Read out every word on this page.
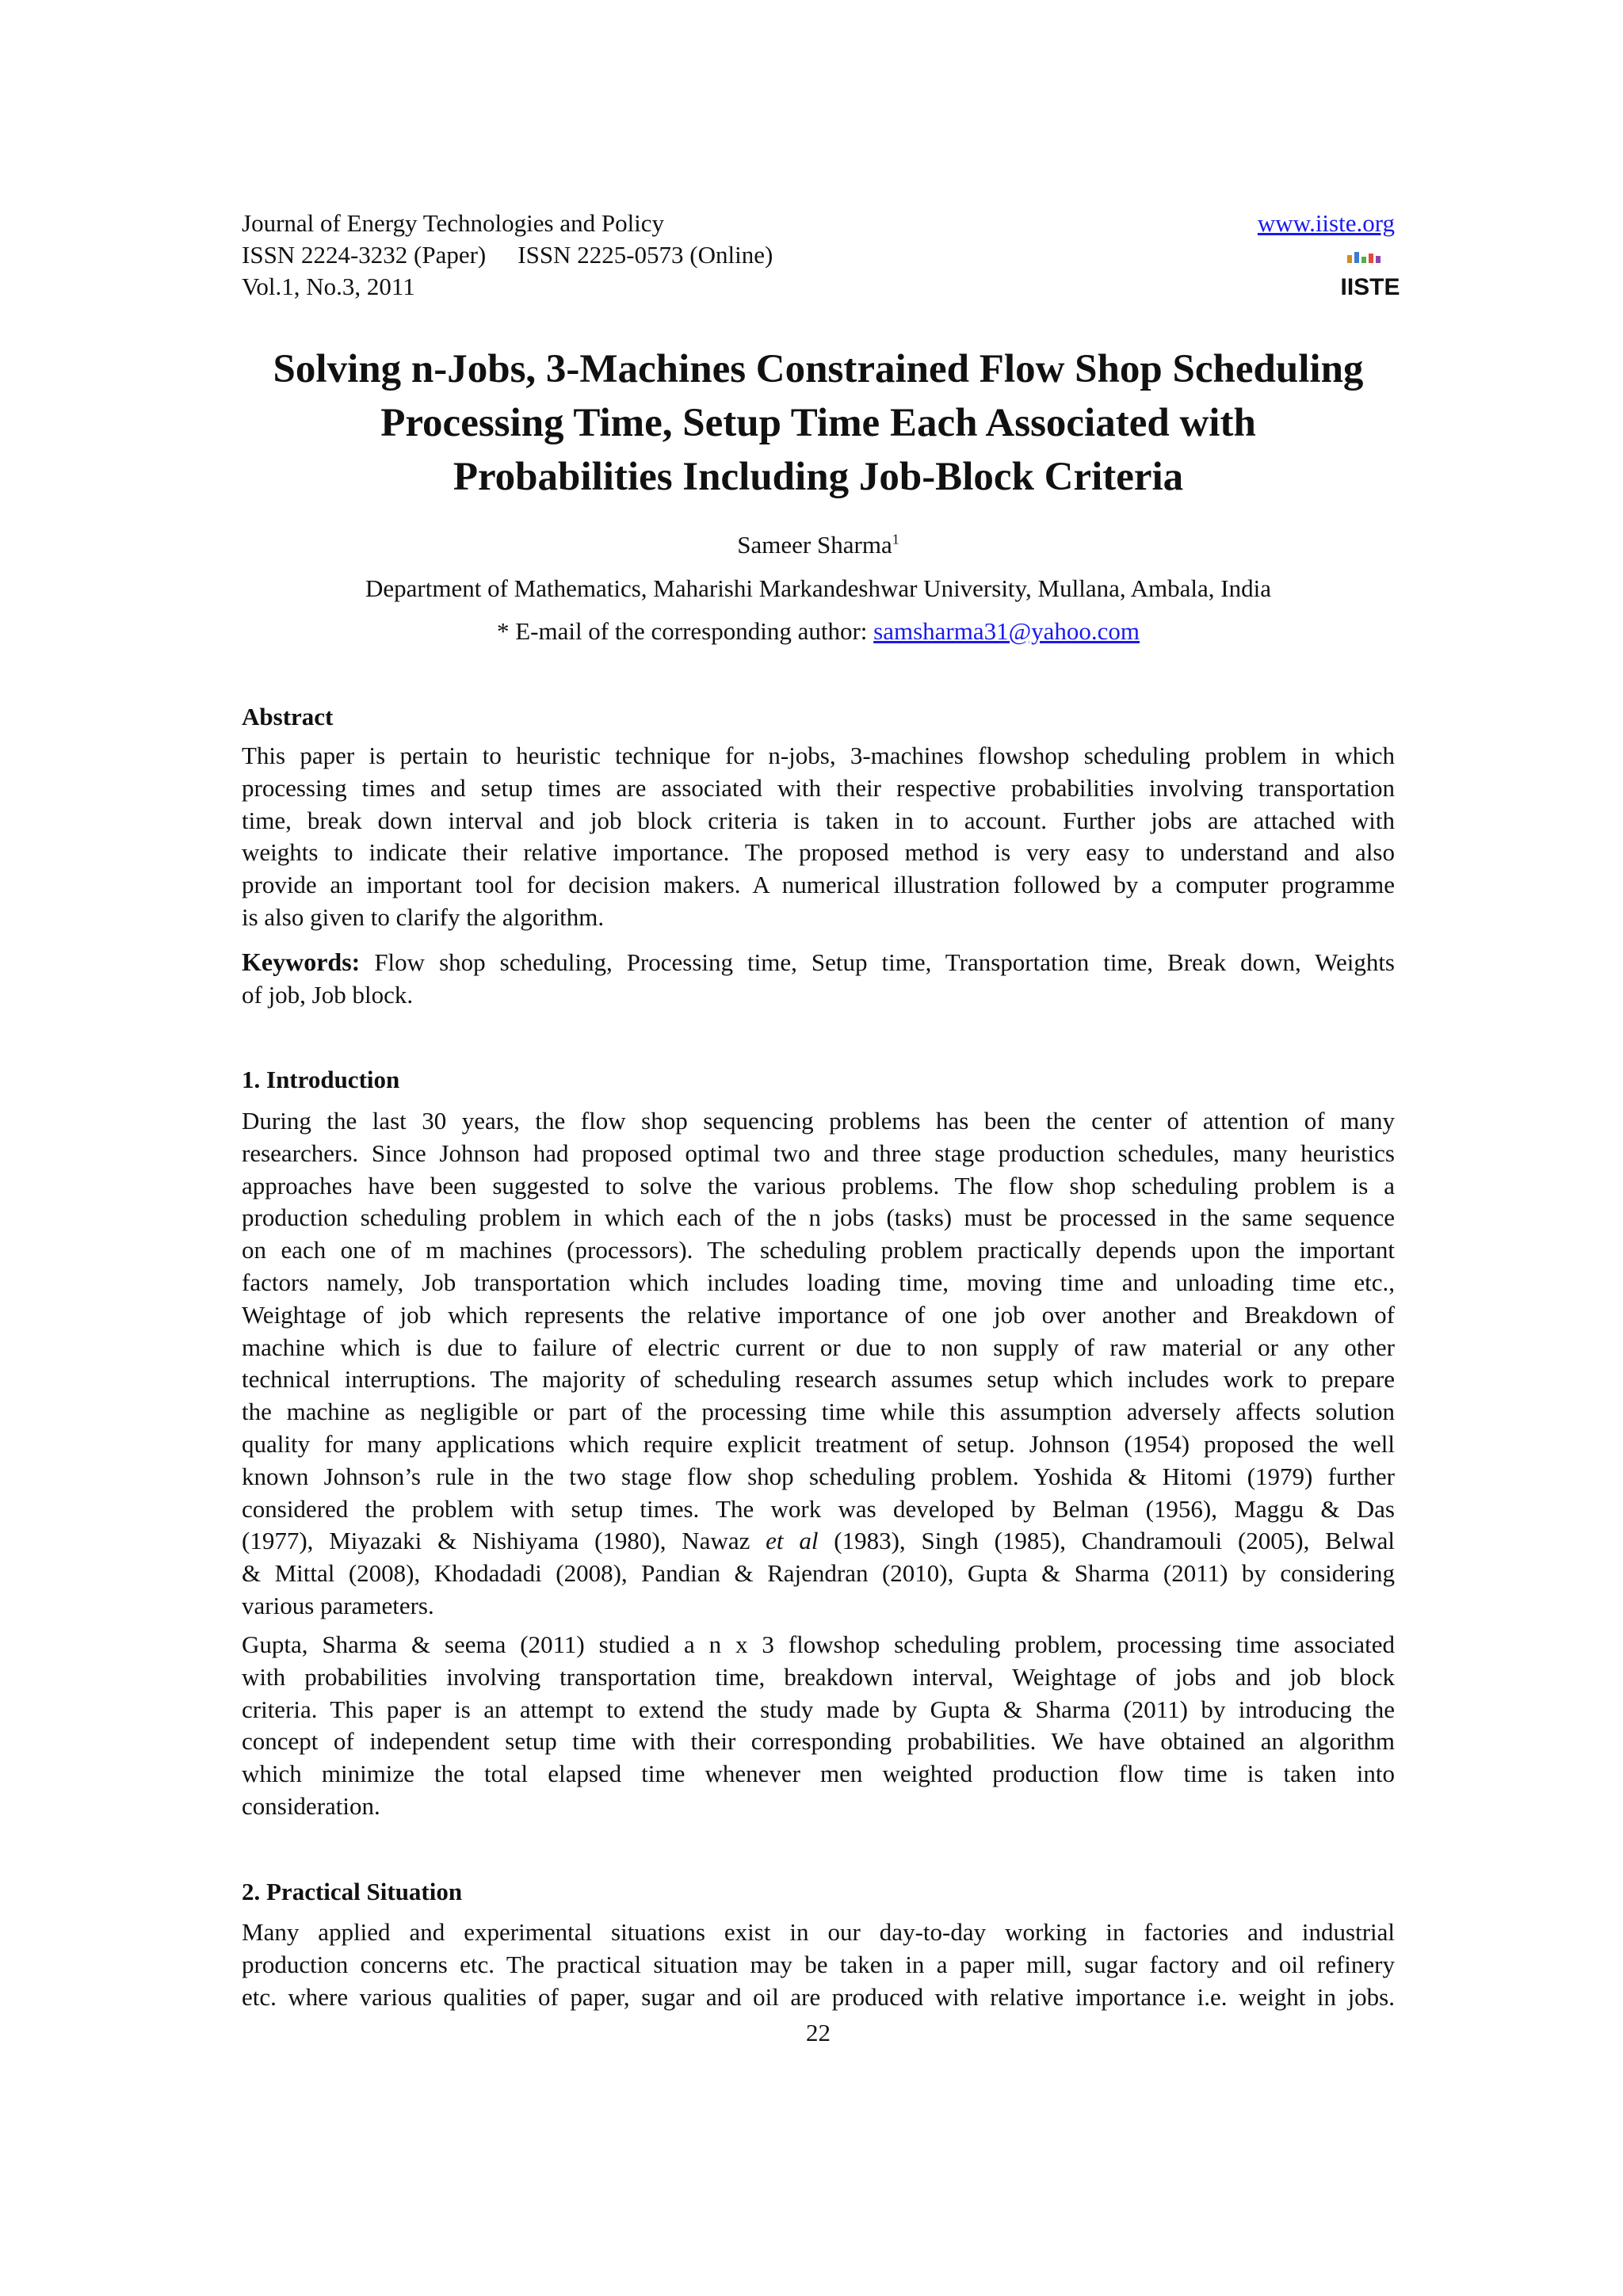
Journal of Energy Technologies and Policy
ISSN 2224-3232 (Paper) ISSN 2225-0573 (Online)
Vol.1, No.3, 2011
www.iiste.org
IISTE
Solving n-Jobs, 3-Machines Constrained Flow Shop Scheduling
Processing Time, Setup Time Each Associated with
Probabilities Including Job-Block Criteria
Sameer Sharma$^1$
Department of Mathematics, Maharishi Markandeshwar University, Mullana, Ambala, India
* E-mail of the corresponding author: samsharma31@yahoo.com
Abstract
This paper is pertain to heuristic technique for n-jobs, 3-machines flowshop scheduling problem in which
processing times and setup times are associated with their respective probabilities involving transportation
time, break down interval and job block criteria is taken in to account. Further jobs are attached with
weights to indicate their relative importance. The proposed method is very easy to understand and also
provide an important tool for decision makers. A numerical illustration followed by a computer programme
is also given to clarify the algorithm.
Keywords: Flow shop scheduling, Processing time, Setup time, Transportation time, Break down, Weights
of job, Job block.
1. Introduction
During the last 30 years, the flow shop sequencing problems has been the center of attention of many
researchers. Since Johnson had proposed optimal two and three stage production schedules, many heuristics
approaches have been suggested to solve the various problems. The flow shop scheduling problem is a
production scheduling problem in which each of the n jobs (tasks) must be processed in the same sequence
on each one of m machines (processors). The scheduling problem practically depends upon the important
factors namely, Job transportation which includes loading time, moving time and unloading time etc.,
Weightage of job which represents the relative importance of one job over another and Breakdown of
machine which is due to failure of electric current or due to non supply of raw material or any other
technical interruptions. The majority of scheduling research assumes setup which includes work to prepare
the machine as negligible or part of the processing time while this assumption adversely affects solution
quality for many applications which require explicit treatment of setup. Johnson (1954) proposed the well
known Johnson’s rule in the two stage flow shop scheduling problem. Yoshida & Hitomi (1979) further
considered the problem with setup times. The work was developed by Belman (1956), Maggu & Das
(1977), Miyazaki & Nishiyama (1980), Nawaz et al (1983), Singh (1985), Chandramouli (2005), Belwal
& Mittal (2008), Khodadadi (2008), Pandian & Rajendran (2010), Gupta & Sharma (2011) by considering
various parameters.
Gupta, Sharma & seema (2011) studied a n x 3 flowshop scheduling problem, processing time associated
with probabilities involving transportation time, breakdown interval, Weightage of jobs and job block
criteria. This paper is an attempt to extend the study made by Gupta & Sharma (2011) by introducing the
concept of independent setup time with their corresponding probabilities. We have obtained an algorithm
which minimize the total elapsed time whenever men weighted production flow time is taken into
consideration.
2. Practical Situation
Many applied and experimental situations exist in our day-to-day working in factories and industrial
production concerns etc. The practical situation may be taken in a paper mill, sugar factory and oil refinery
etc. where various qualities of paper, sugar and oil are produced with relative importance i.e. weight in jobs.
22
